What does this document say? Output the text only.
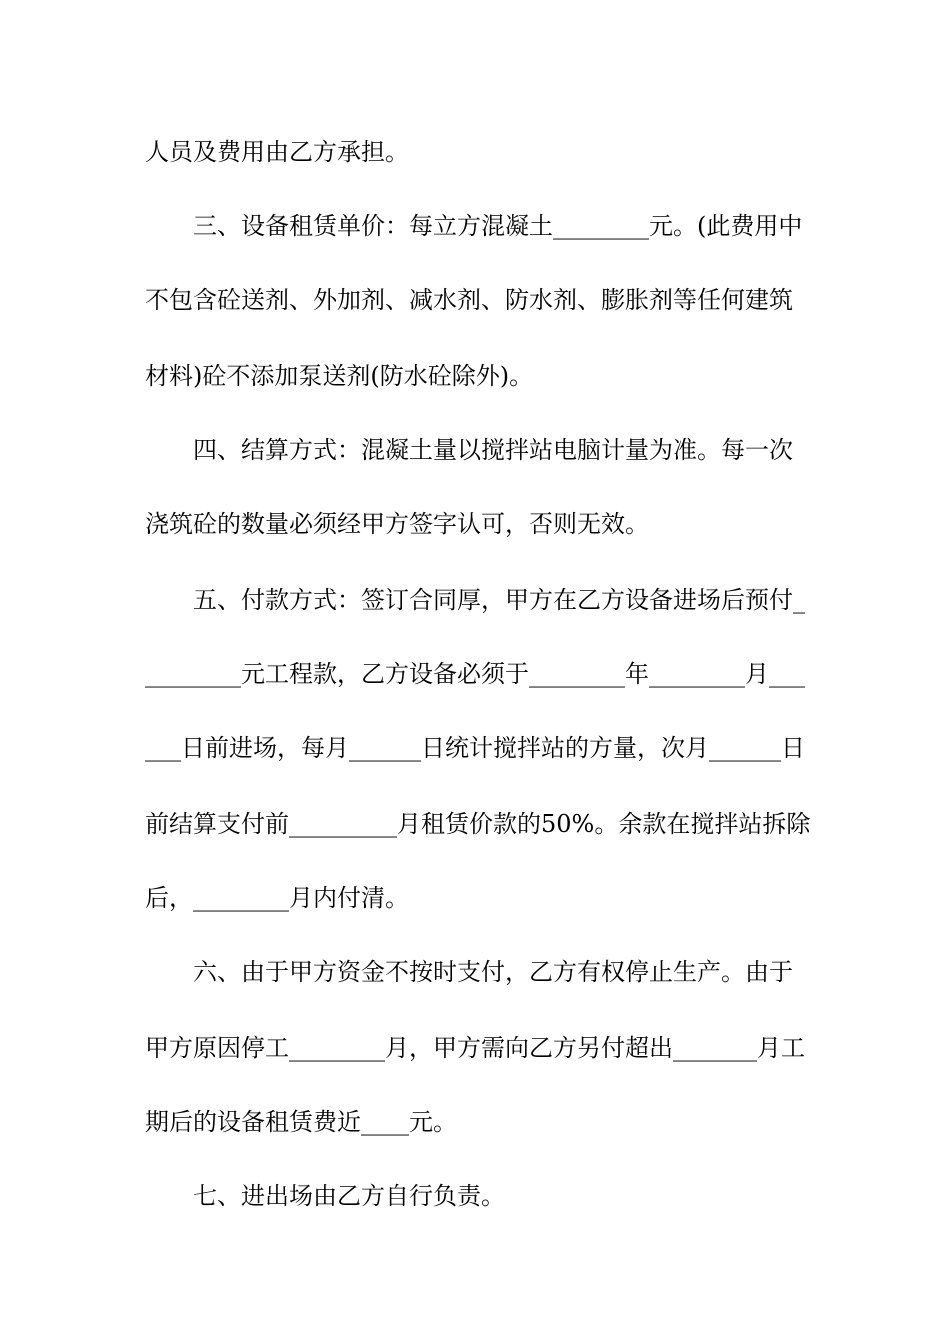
人员及费用由乙方承担。
三、设备租赁单价：每立方混凝土________元。(此费用中
不包含砼送剂、外加剂、减水剂、防水剂、膨胀剂等任何建筑
材料)砼不添加泵送剂(防水砼除外)。
四、结算方式：混凝土量以搅拌站电脑计量为准。每一次
浇筑砼的数量必须经甲方签字认可，否则无效。
五、付款方式：签订合同厚，甲方在乙方设备进场后预付_
________元工程款，乙方设备必须于________年________月___
___日前进场，每月______日统计搅拌站的方量，次月______日
前结算支付前_________月租赁价款的50%。余款在搅拌站拆除
后，________月内付清。
六、由于甲方资金不按时支付，乙方有权停止生产。由于
甲方原因停工________月，甲方需向乙方另付超出_______月工
期后的设备租赁费近____元。
七、进出场由乙方自行负责。
